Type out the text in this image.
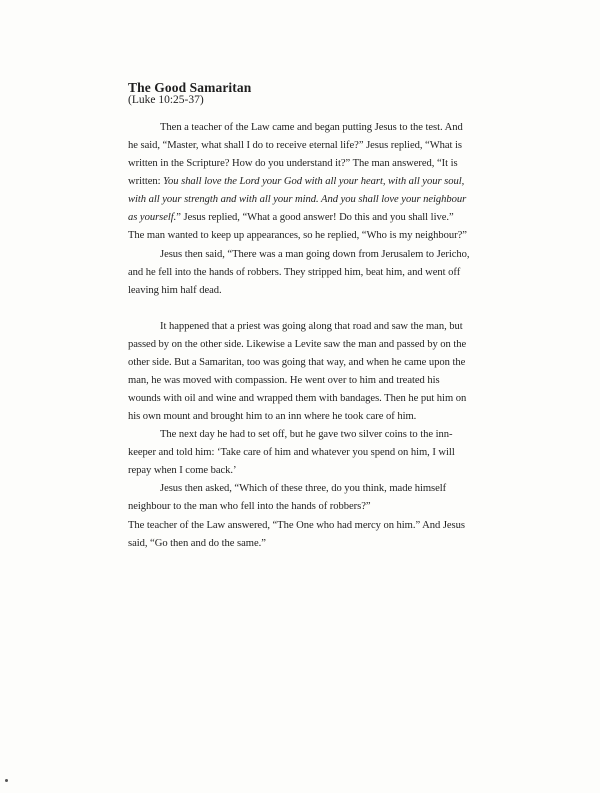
The Good Samaritan
(Luke 10:25-37)
Then a teacher of the Law came and began putting Jesus to the test. And
he said, “Master, what shall I do to receive eternal life?” Jesus replied, “What is
written in the Scripture? How do you understand it?” The man answered, “It is
written: You shall love the Lord your God with all your heart, with all your soul,
with all your strength and with all your mind. And you shall love your neighbour
as yourself.” Jesus replied, “What a good answer! Do this and you shall live.”
The man wanted to keep up appearances, so he replied, “Who is my neighbour?”
Jesus then said, “There was a man going down from Jerusalem to Jericho,
and he fell into the hands of robbers. They stripped him, beat him, and went off
leaving him half dead.
It happened that a priest was going along that road and saw the man, but
passed by on the other side. Likewise a Levite saw the man and passed by on the
other side. But a Samaritan, too was going that way, and when he came upon the
man, he was moved with compassion. He went over to him and treated his
wounds with oil and wine and wrapped them with bandages. Then he put him on
his own mount and brought him to an inn where he took care of him.
The next day he had to set off, but he gave two silver coins to the inn-
keeper and told him: ‘Take care of him and whatever you spend on him, I will
repay when I come back.’
Jesus then asked, “Which of these three, do you think, made himself
neighbour to the man who fell into the hands of robbers?”
The teacher of the Law answered, “The One who had mercy on him.” And Jesus
said, “Go then and do the same.”
